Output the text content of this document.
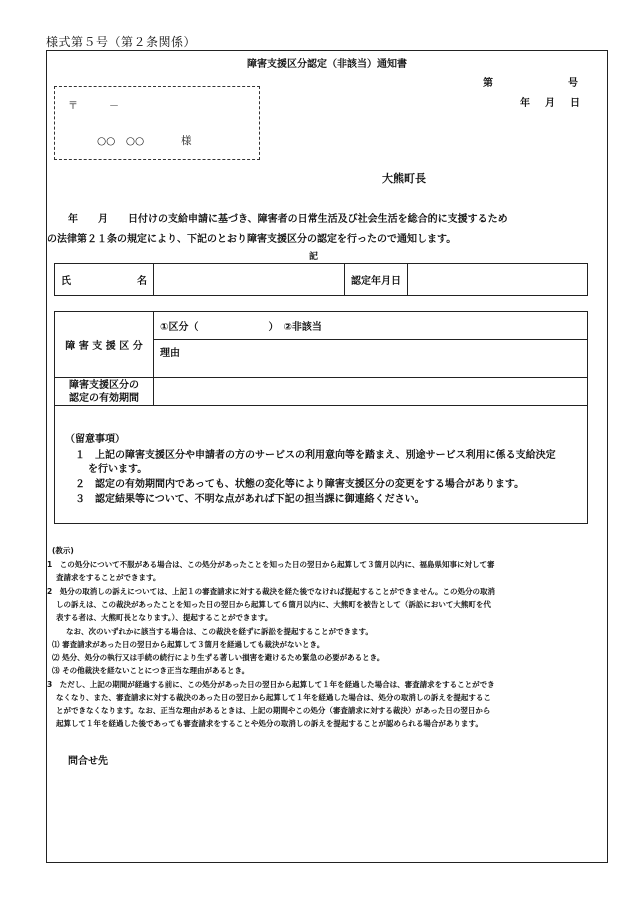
様式第５号（第２条関係）
障害支援区分認定（非該当）通知書
第	号
年 月 日
〒	－
○○　○○	様
大熊町長
年　　月　　日付けの支給申請に基づき、障害者の日常生活及び社会生活を総合的に支援するため
の法律第２１条の規定により、下記のとおり障害支援区分の認定を行ったので通知します。
記
氏	名		認定年月日	
障 害 支 援 区 分	①区分（　　　　　　　）　②非該当
	理由

障害支援区分の
認定の有効期間	

（留意事項）
１　上記の障害支援区分や申請者の方のサービスの利用意向等を踏まえ、別途サービス利用に係る支給決定
を行います。
２　認定の有効期間内であっても、状態の変化等により障害支援区分の変更をする場合があります。
３　認定結果等について、不明な点があれば下記の担当課に御連絡ください。
(教示)
1　この処分について不服がある場合は、この処分があったことを知った日の翌日から起算して３箇月以内に、福島県知事に対して審
査請求をすることができます。
2　処分の取消しの訴えについては、上記１の審査請求に対する裁決を経た後でなければ提起することができません。この処分の取消
しの訴えは、この裁決があったことを知った日の翌日から起算して６箇月以内に、大熊町を被告として（訴訟において大熊町を代
表する者は、大熊町長となります。）、提起することができます。
なお、次のいずれかに該当する場合は、この裁決を経ずに訴訟を提起することができます。
⑴ 審査請求があった日の翌日から起算して３箇月を経過しても裁決がないとき。
⑵ 処分、処分の執行又は手続の続行により生ずる著しい損害を避けるため緊急の必要があるとき。
⑶ その他裁決を経ないことにつき正当な理由があるとき。
3　ただし、上記の期間が経過する前に、この処分があった日の翌日から起算して１年を経過した場合は、審査請求をすることができ
なくなり、また、審査請求に対する裁決のあった日の翌日から起算して１年を経過した場合は、処分の取消しの訴えを提起するこ
とができなくなります。なお、正当な理由があるときは、上記の期間やこの処分（審査請求に対する裁決）があった日の翌日から
起算して１年を経過した後であっても審査請求をすることや処分の取消しの訴えを提起することが認められる場合があります。
問合せ先
